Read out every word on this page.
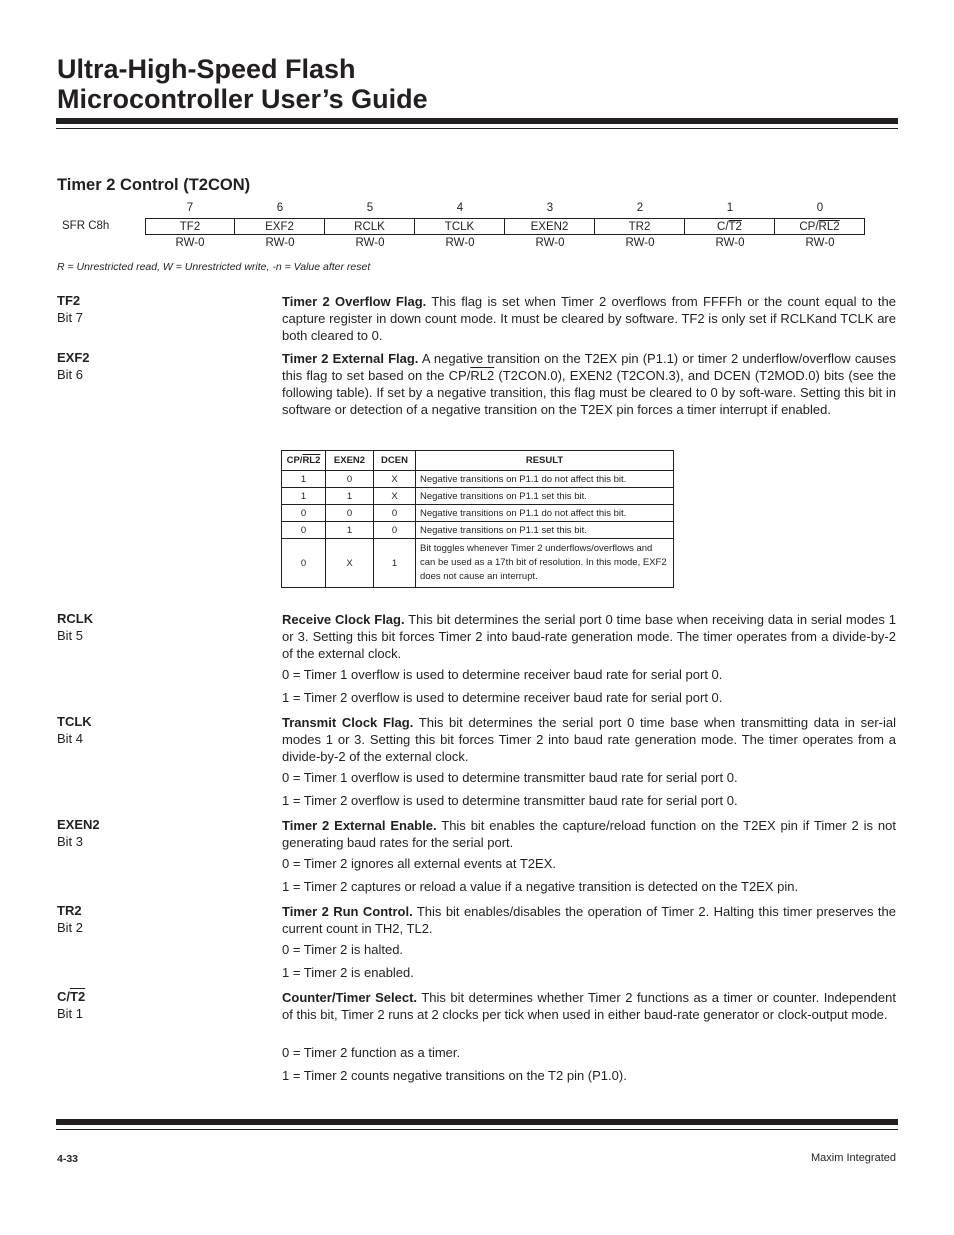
Ultra-High-Speed Flash
Microcontroller User’s Guide
Timer 2 Control (T2CON)
7	6	5	4	3	2	1	0
SFR C8h	TF2	EXF2	RCLK	TCLK	EXEN2	TR2	C/T2	CP/RL2
RW-0	RW-0	RW-0	RW-0	RW-0	RW-0	RW-0	RW-0
R = Unrestricted read, W = Unrestricted write, -n = Value after reset
TF2
Bit 7
Timer 2 Overflow Flag. This flag is set when Timer 2 overflows from FFFFh or the count equal to the capture register in down count mode. It must be cleared by software. TF2 is only set if RCLKand TCLK are both cleared to 0.
EXF2
Bit 6
Timer 2 External Flag. A negative transition on the T2EX pin (P1.1) or timer 2 underflow/overflow causes this flag to set based on the CP/RL2 (T2CON.0), EXEN2 (T2CON.3), and DCEN (T2MOD.0) bits (see the following table). If set by a negative transition, this flag must be cleared to 0 by soft-ware. Setting this bit in software or detection of a negative transition on the T2EX pin forces a timer interrupt if enabled.
CP/RL2	EXEN2	DCEN	RESULT
1	0	X	Negative transitions on P1.1 do not affect this bit.
1	1	X	Negative transitions on P1.1 set this bit.
0	0	0	Negative transitions on P1.1 do not affect this bit.
0	1	0	Negative transitions on P1.1 set this bit.
0	X	1	Bit toggles whenever Timer 2 underflows/overflows and can be used as a 17th bit of resolution. In this mode, EXF2 does not cause an interrupt.
RCLK
Bit 5
Receive Clock Flag. This bit determines the serial port 0 time base when receiving data in serial modes 1 or 3. Setting this bit forces Timer 2 into baud-rate generation mode. The timer operates from a divide-by-2 of the external clock.
0 = Timer 1 overflow is used to determine receiver baud rate for serial port 0.
1 = Timer 2 overflow is used to determine receiver baud rate for serial port 0.
TCLK
Bit 4
Transmit Clock Flag. This bit determines the serial port 0 time base when transmitting data in ser-ial modes 1 or 3. Setting this bit forces Timer 2 into baud rate generation mode. The timer operates from a divide-by-2 of the external clock.
0 = Timer 1 overflow is used to determine transmitter baud rate for serial port 0.
1 = Timer 2 overflow is used to determine transmitter baud rate for serial port 0.
EXEN2
Bit 3
Timer 2 External Enable. This bit enables the capture/reload function on the T2EX pin if Timer 2 is not generating baud rates for the serial port.
0 = Timer 2 ignores all external events at T2EX.
1 = Timer 2 captures or reload a value if a negative transition is detected on the T2EX pin.
TR2
Bit 2
Timer 2 Run Control. This bit enables/disables the operation of Timer 2. Halting this timer preserves the current count in TH2, TL2.
0 = Timer 2 is halted.
1 = Timer 2 is enabled.
C/T2
Bit 1
Counter/Timer Select. This bit determines whether Timer 2 functions as a timer or counter. Independent of this bit, Timer 2 runs at 2 clocks per tick when used in either baud-rate generator or clock-output mode.
0 = Timer 2 function as a timer.
1 = Timer 2 counts negative transitions on the T2 pin (P1.0).
4-33	Maxim Integrated
